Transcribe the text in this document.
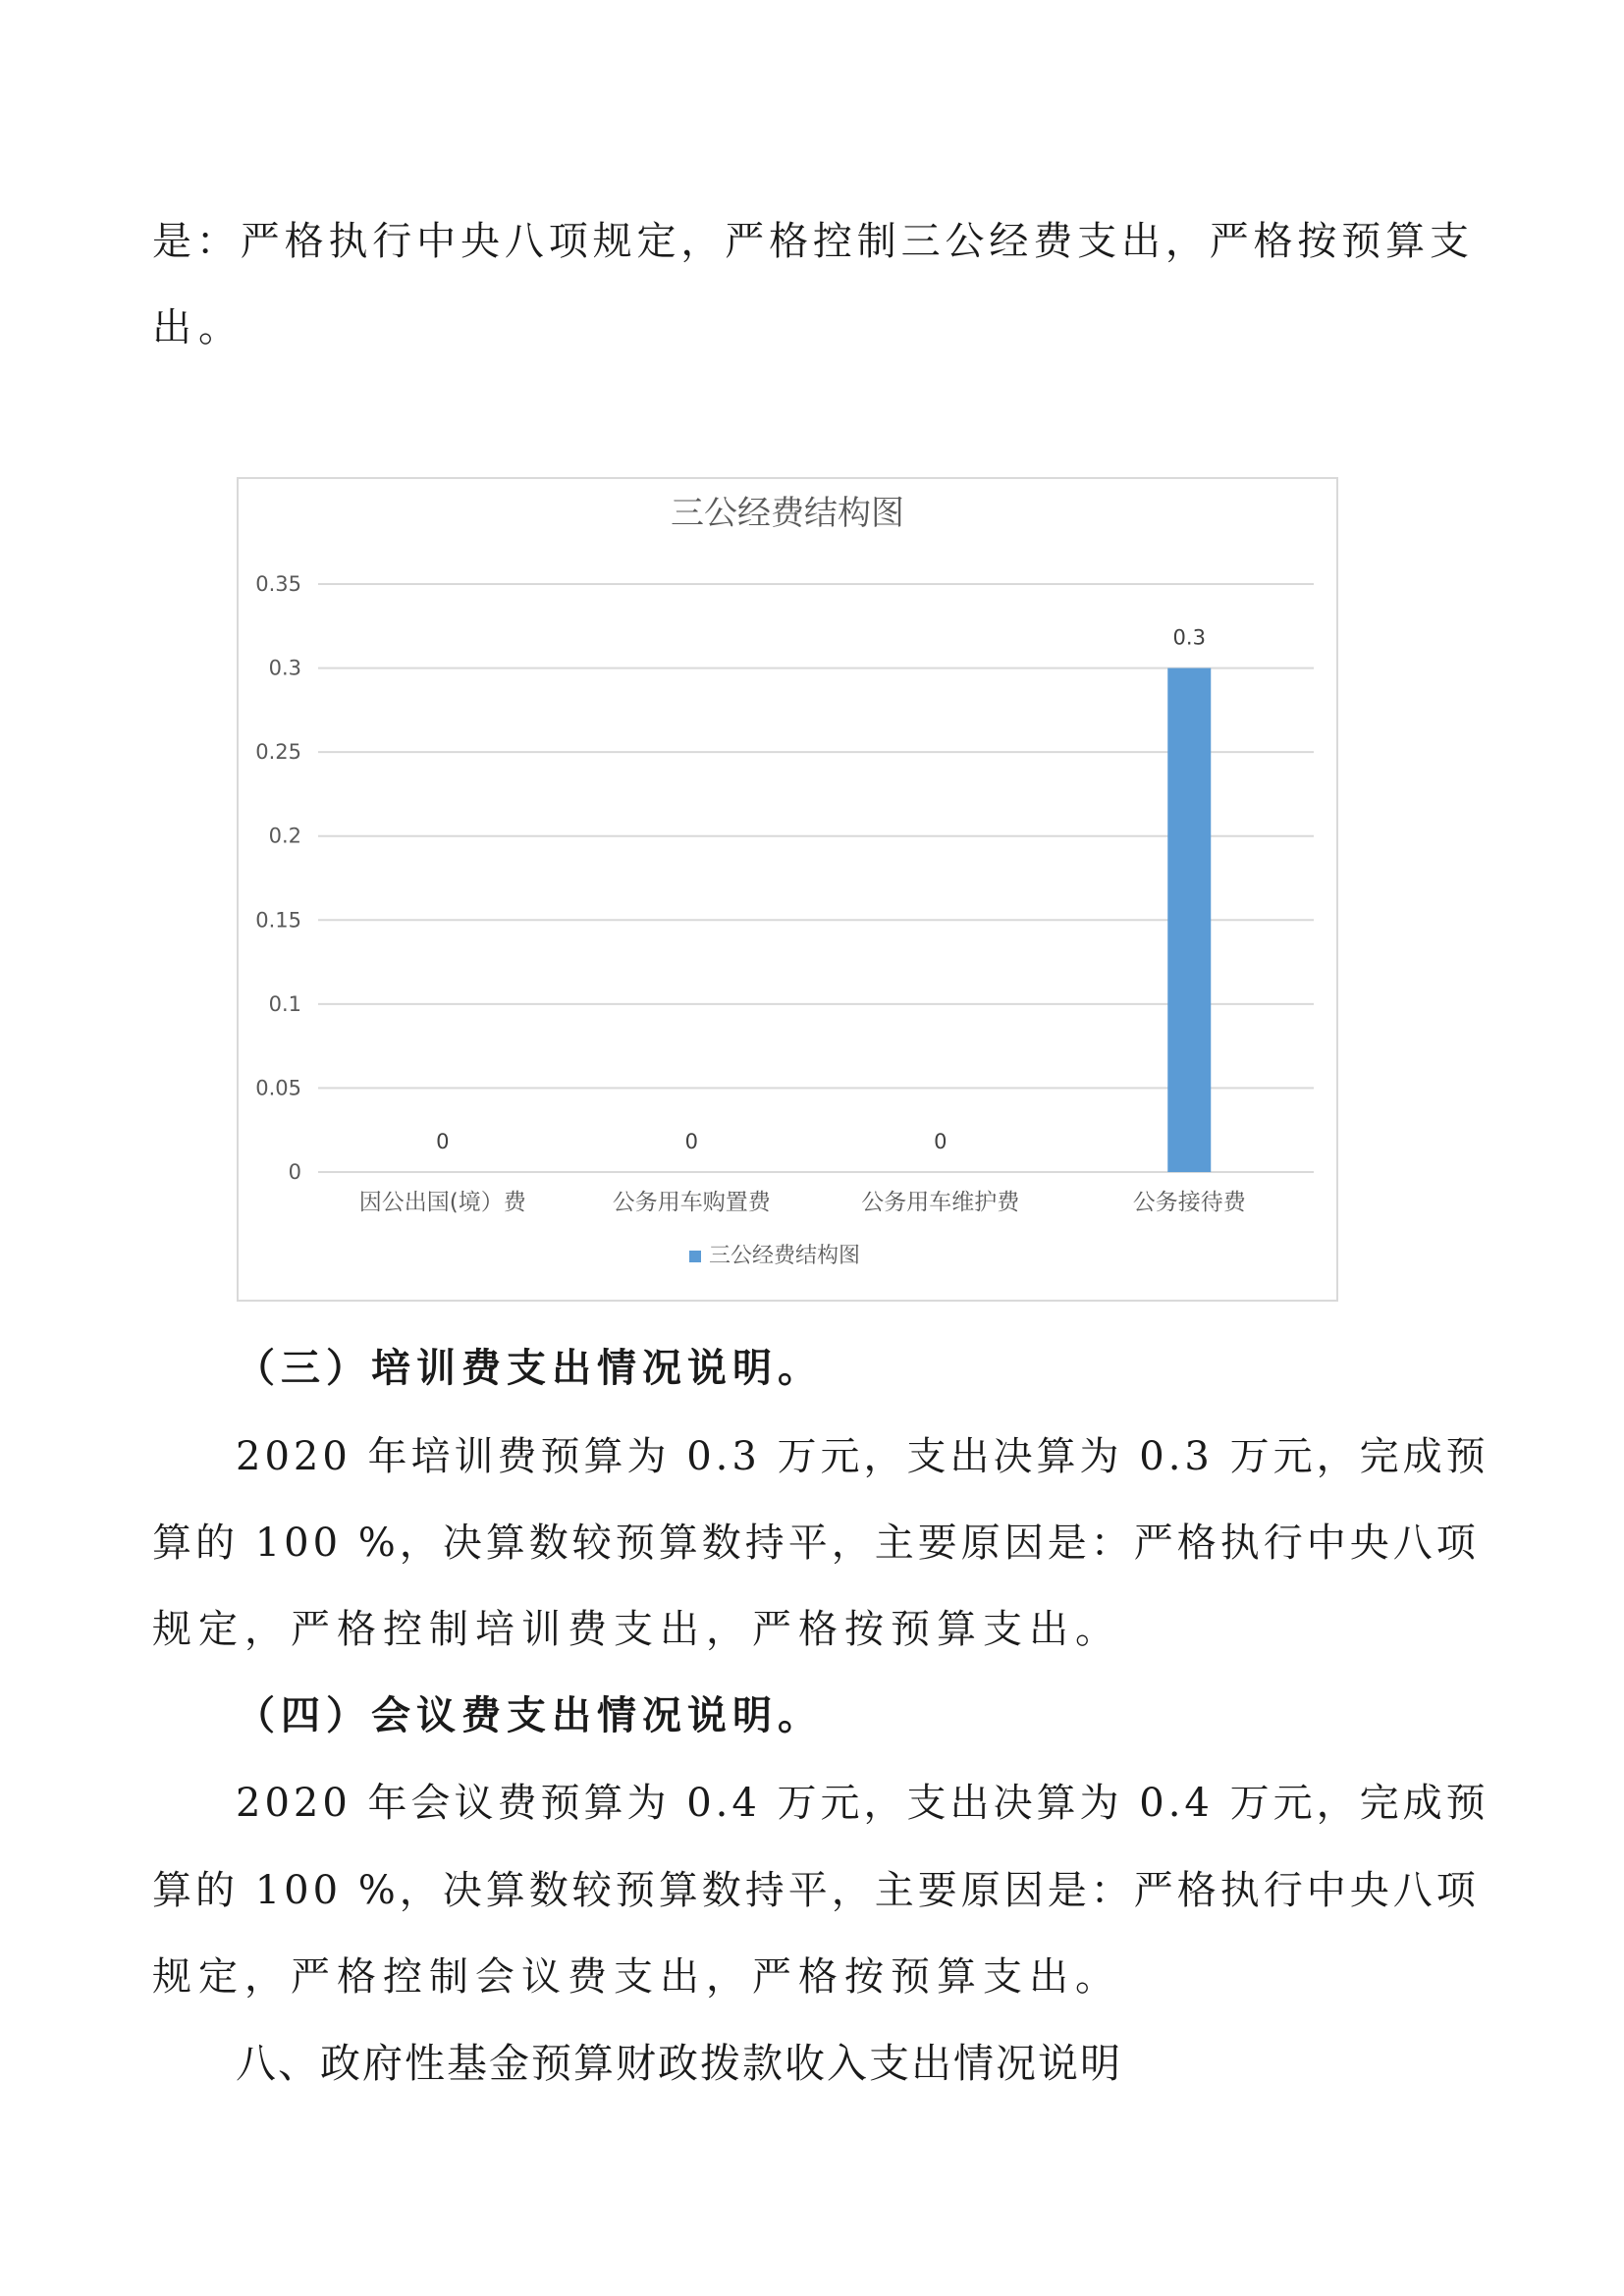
是：严格执行中央八项规定，严格控制三公经费支出，严格按预算支
出。
三公经费结构图
0
0.05
0.1
0.15
0.2
0.25
0.3
0.35
0	0	0
0.3
因公出国(境）费	公务用车购置费	公务用车维护费	公务接待费
三公经费结构图
（三）培训费支出情况说明。
2020 年培训费预算为 0.3 万元，支出决算为 0.3 万元，完成预
算的 100 %，决算数较预算数持平，主要原因是：严格执行中央八项
规定，严格控制培训费支出，严格按预算支出。
（四）会议费支出情况说明。
2020 年会议费预算为 0.4 万元，支出决算为 0.4 万元，完成预
算的 100 %，决算数较预算数持平，主要原因是：严格执行中央八项
规定，严格控制会议费支出，严格按预算支出。
八、政府性基金预算财政拨款收入支出情况说明
